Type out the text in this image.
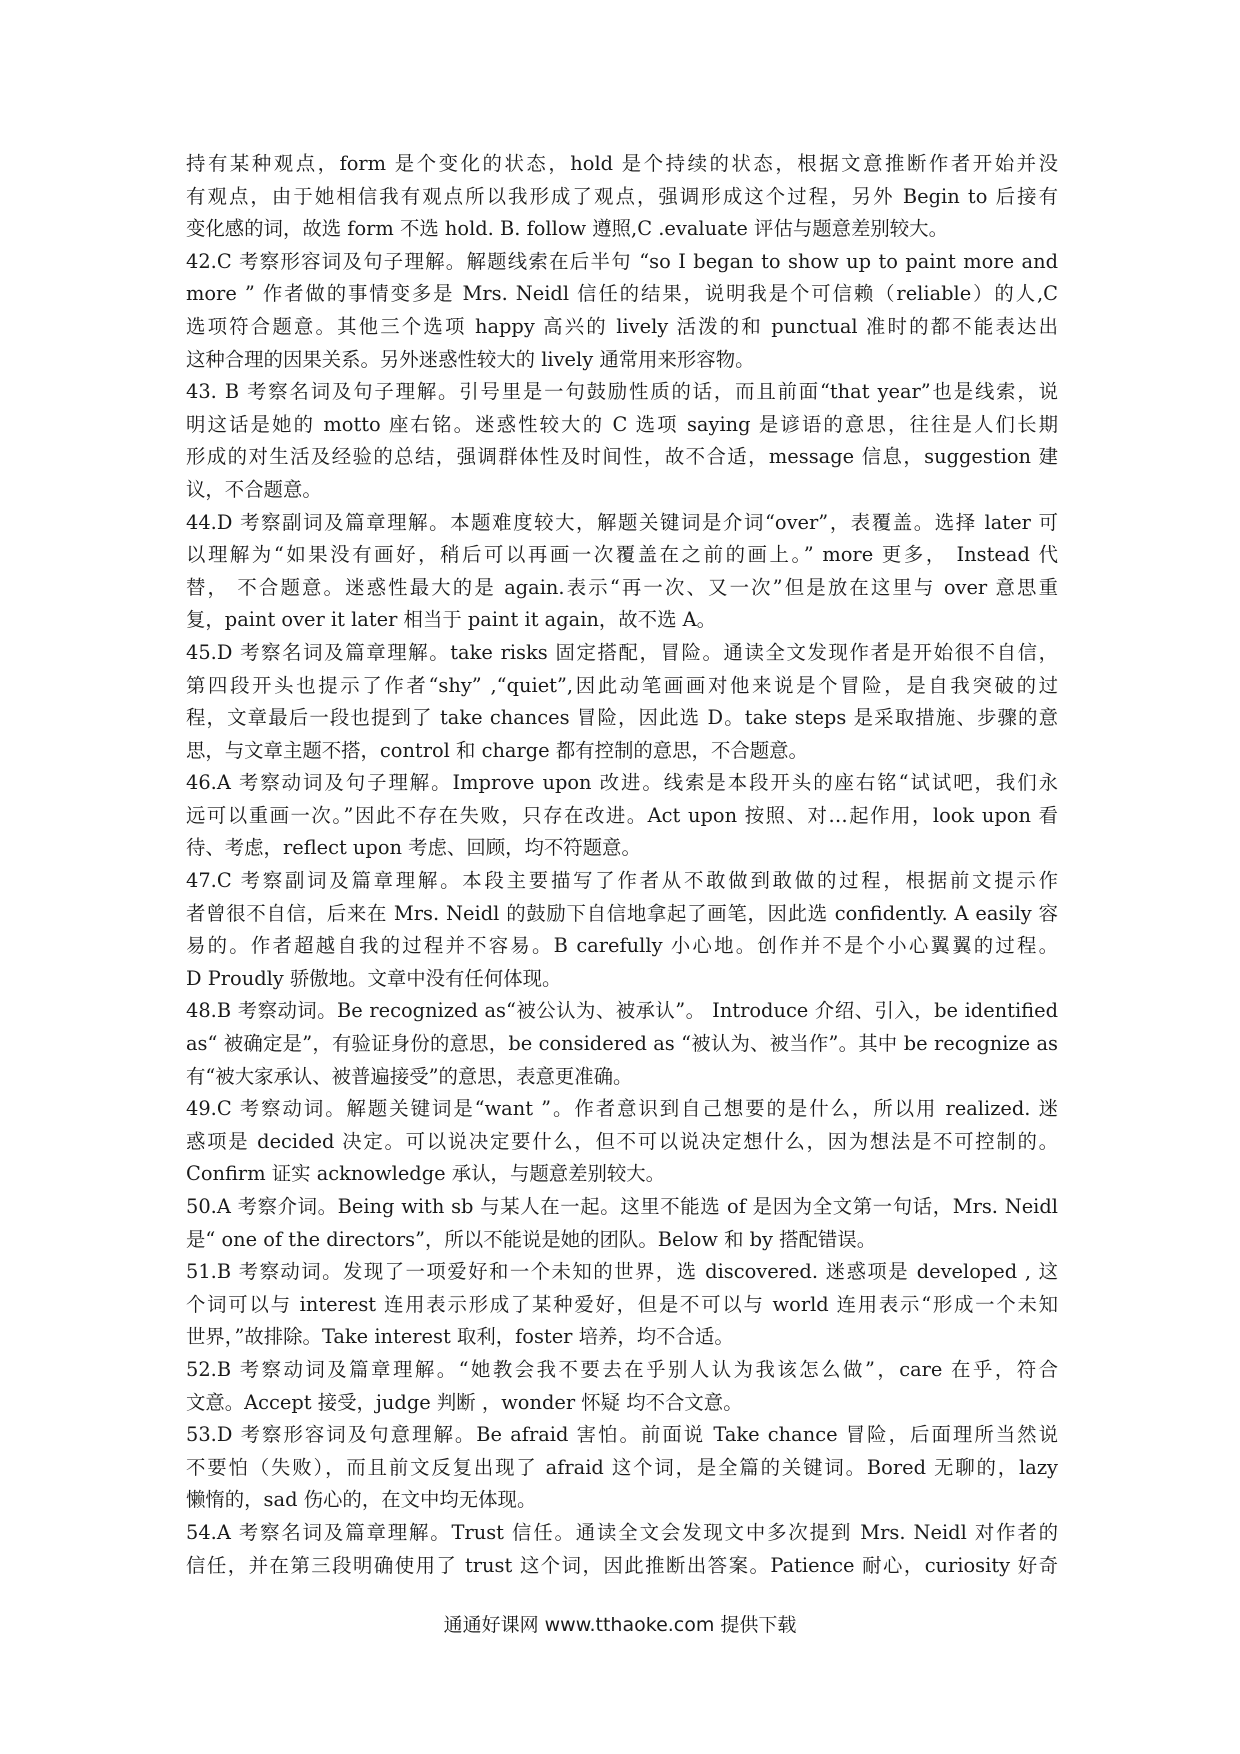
持有某种观点，form 是个变化的状态，hold 是个持续的状态，根据文意推断作者开始并没
有观点，由于她相信我有观点所以我形成了观点，强调形成这个过程，另外 Begin to 后接有
变化感的词，故选 form 不选 hold. B. follow 遵照,C .evaluate 评估与题意差别较大。
42.C 考察形容词及句子理解。解题线索在后半句 “so I began to show up to paint more and
more ” 作者做的事情变多是 Mrs. Neidl 信任的结果，说明我是个可信赖（reliable）的人,C
选项符合题意。其他三个选项 happy 高兴的 lively 活泼的和 punctual 准时的都不能表达出
这种合理的因果关系。另外迷惑性较大的 lively 通常用来形容物。
43. B 考察名词及句子理解。引号里是一句鼓励性质的话，而且前面“that year”也是线索，说
明这话是她的 motto 座右铭。迷惑性较大的 C 选项 saying 是谚语的意思，往往是人们长期
形成的对生活及经验的总结，强调群体性及时间性，故不合适，message 信息，suggestion 建
议，不合题意。
44.D 考察副词及篇章理解。本题难度较大，解题关键词是介词“over”，表覆盖。选择 later 可
以理解为“如果没有画好，稍后可以再画一次覆盖在之前的画上。” more 更多， Instead 代
替， 不合题意。迷惑性最大的是 again.表示“再一次、又一次”但是放在这里与 over 意思重
复，paint over it later 相当于 paint it again，故不选 A。
45.D 考察名词及篇章理解。take risks 固定搭配，冒险。通读全文发现作者是开始很不自信，
第四段开头也提示了作者“shy” ,“quiet”,因此动笔画画对他来说是个冒险，是自我突破的过
程，文章最后一段也提到了 take chances 冒险，因此选 D。take steps 是采取措施、步骤的意
思，与文章主题不搭，control 和 charge 都有控制的意思，不合题意。
46.A 考察动词及句子理解。Improve upon 改进。线索是本段开头的座右铭“试试吧，我们永
远可以重画一次。”因此不存在失败，只存在改进。Act upon 按照、对…起作用，look upon 看
待、考虑，reflect upon 考虑、回顾，均不符题意。
47.C 考察副词及篇章理解。本段主要描写了作者从不敢做到敢做的过程，根据前文提示作
者曾很不自信，后来在 Mrs. Neidl 的鼓励下自信地拿起了画笔，因此选 confidently. A easily 容
易的。作者超越自我的过程并不容易。B carefully 小心地。创作并不是个小心翼翼的过程。
D Proudly 骄傲地。文章中没有任何体现。
48.B 考察动词。Be recognized as“被公认为、被承认”。 Introduce 介绍、引入，be identified
as“ 被确定是”，有验证身份的意思，be considered as “被认为、被当作”。其中 be recognize as
有“被大家承认、被普遍接受”的意思，表意更准确。
49.C 考察动词。解题关键词是“want ”。作者意识到自己想要的是什么，所以用 realized. 迷
惑项是 decided 决定。可以说决定要什么，但不可以说决定想什么，因为想法是不可控制的。
Confirm 证实 acknowledge 承认，与题意差别较大。
50.A 考察介词。Being with sb 与某人在一起。这里不能选 of 是因为全文第一句话，Mrs. Neidl
是“ one of the directors”，所以不能说是她的团队。Below 和 by 搭配错误。
51.B 考察动词。发现了一项爱好和一个未知的世界，选 discovered. 迷惑项是 developed , 这
个词可以与 interest 连用表示形成了某种爱好，但是不可以与 world 连用表示“形成一个未知
世界，”故排除。Take interest 取利，foster 培养，均不合适。
52.B 考察动词及篇章理解。“她教会我不要去在乎别人认为我该怎么做”，care 在乎，符合
文意。Accept 接受，judge 判断 ，wonder 怀疑 均不合文意。
53.D 考察形容词及句意理解。Be afraid 害怕。前面说 Take chance 冒险，后面理所当然说
不要怕（失败），而且前文反复出现了 afraid 这个词，是全篇的关键词。Bored 无聊的，lazy
懒惰的，sad 伤心的，在文中均无体现。
54.A 考察名词及篇章理解。Trust 信任。通读全文会发现文中多次提到 Mrs. Neidl 对作者的
信任，并在第三段明确使用了 trust 这个词，因此推断出答案。Patience 耐心，curiosity 好奇
通通好课网 www.tthaoke.com 提供下载
